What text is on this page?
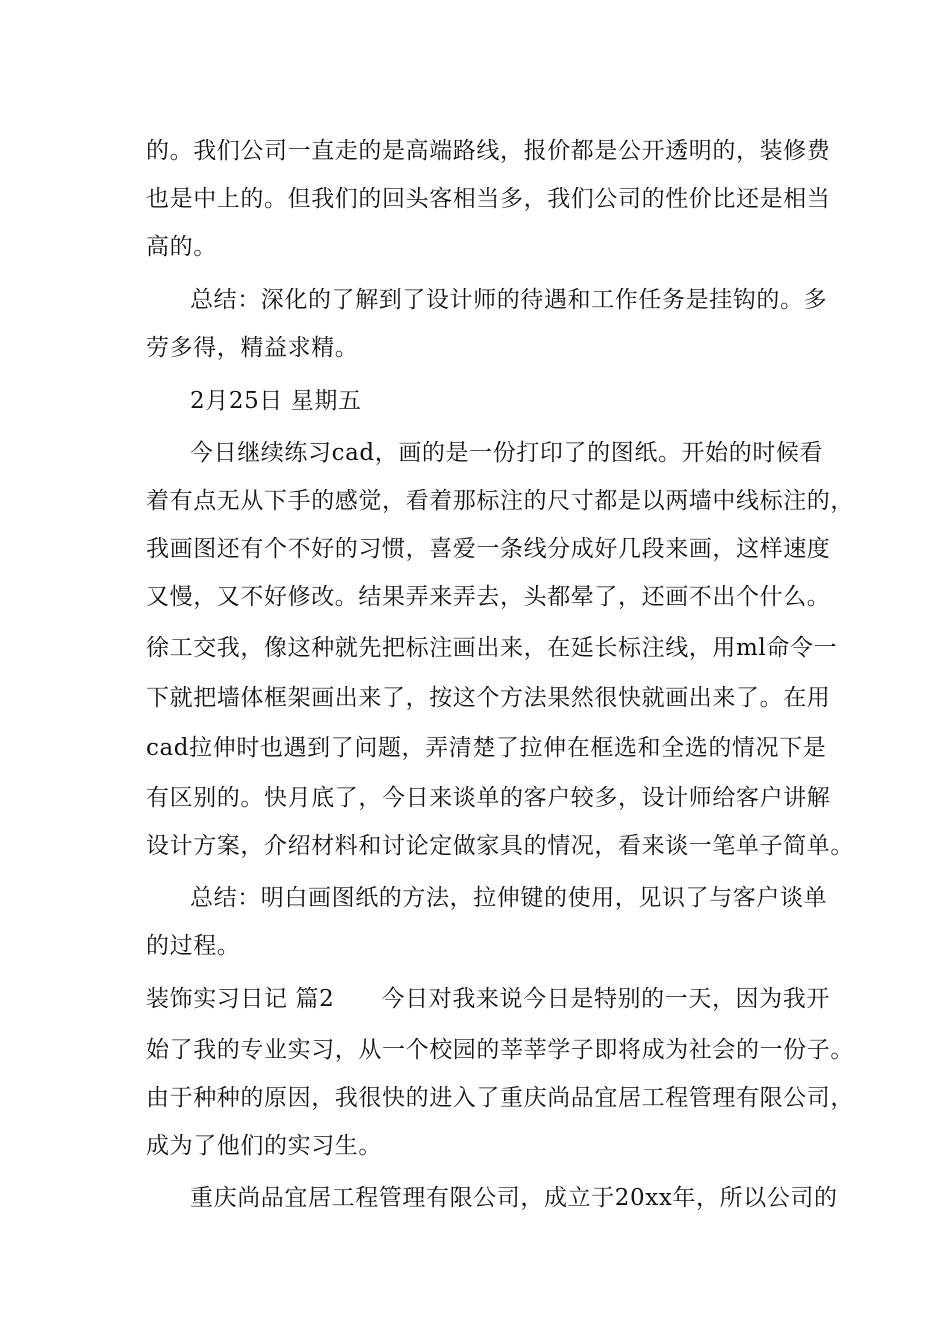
的。我们公司一直走的是高端路线，报价都是公开透明的，装修费
也是中上的。但我们的回头客相当多，我们公司的性价比还是相当
高的。
总结：深化的了解到了设计师的待遇和工作任务是挂钩的。多
劳多得，精益求精。
2月25日 星期五
今日继续练习cad，画的是一份打印了的图纸。开始的时候看
着有点无从下手的感觉，看着那标注的尺寸都是以两墙中线标注的，
我画图还有个不好的习惯，喜爱一条线分成好几段来画，这样速度
又慢，又不好修改。结果弄来弄去，头都晕了，还画不出个什么。
徐工交我，像这种就先把标注画出来，在延长标注线，用ml命令一
下就把墙体框架画出来了，按这个方法果然很快就画出来了。在用
cad拉伸时也遇到了问题，弄清楚了拉伸在框选和全选的情况下是
有区别的。快月底了，今日来谈单的客户较多，设计师给客户讲解
设计方案，介绍材料和讨论定做家具的情况，看来谈一笔单子简单。
总结：明白画图纸的方法，拉伸键的使用，见识了与客户谈单
的过程。
装饰实习日记 篇2　　今日对我来说今日是特别的一天，因为我开
始了我的专业实习，从一个校园的莘莘学子即将成为社会的一份子。
由于种种的原因，我很快的进入了重庆尚品宜居工程管理有限公司，
成为了他们的实习生。
重庆尚品宜居工程管理有限公司，成立于20xx年，所以公司的
